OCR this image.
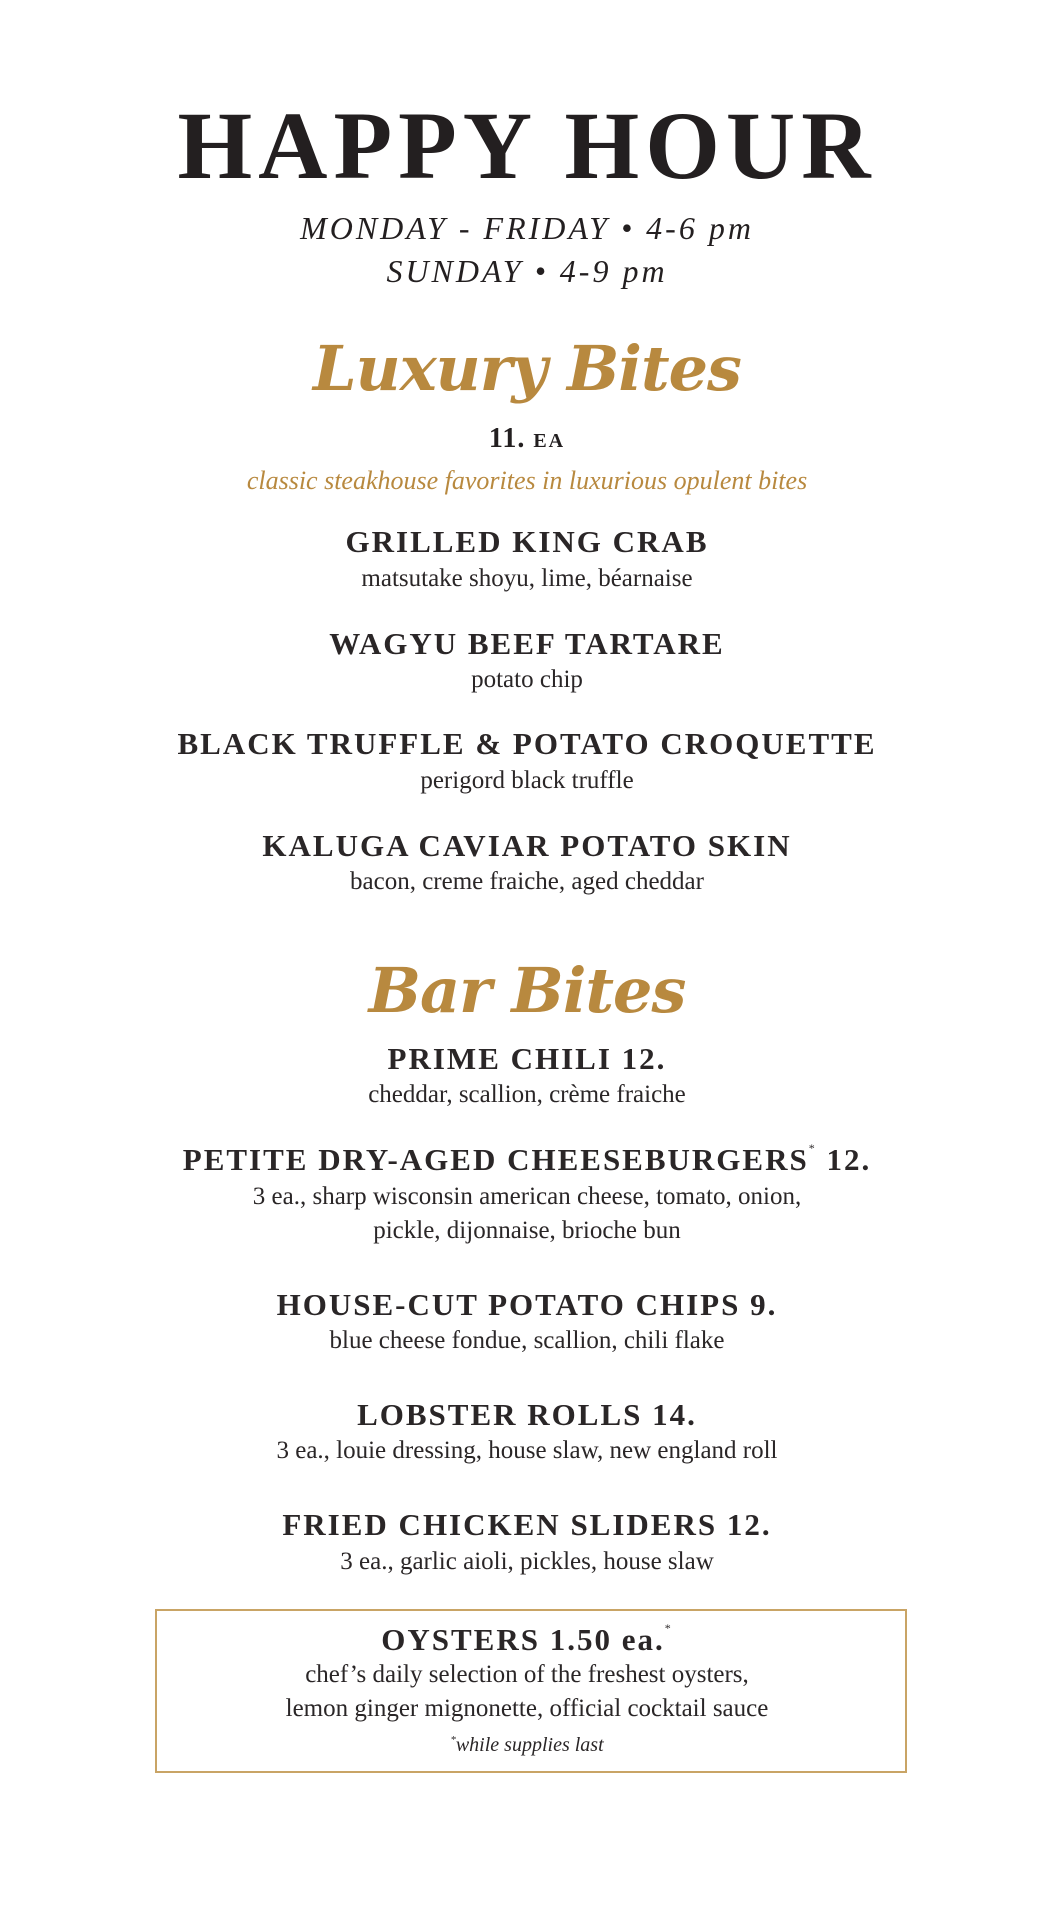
HAPPY HOUR
MONDAY - FRIDAY • 4-6 pm
SUNDAY • 4-9 pm
Luxury Bites
11. EA
classic steakhouse favorites in luxurious opulent bites
GRILLED KING CRAB
matsutake shoyu, lime, béarnaise
WAGYU BEEF TARTARE
potato chip
BLACK TRUFFLE & POTATO CROQUETTE
perigord black truffle
KALUGA CAVIAR POTATO SKIN
bacon, creme fraiche, aged cheddar
Bar Bites
PRIME CHILI 12.
cheddar, scallion, crème fraiche
PETITE DRY-AGED CHEESEBURGERS* 12.
3 ea., sharp wisconsin american cheese, tomato, onion,
pickle, dijonnaise, brioche bun
HOUSE-CUT POTATO CHIPS 9.
blue cheese fondue, scallion, chili flake
LOBSTER ROLLS 14.
3 ea., louie dressing, house slaw, new england roll
FRIED CHICKEN SLIDERS 12.
3 ea., garlic aioli, pickles, house slaw
OYSTERS 1.50 ea.*
chef’s daily selection of the freshest oysters,
lemon ginger mignonette, official cocktail sauce
*while supplies last
